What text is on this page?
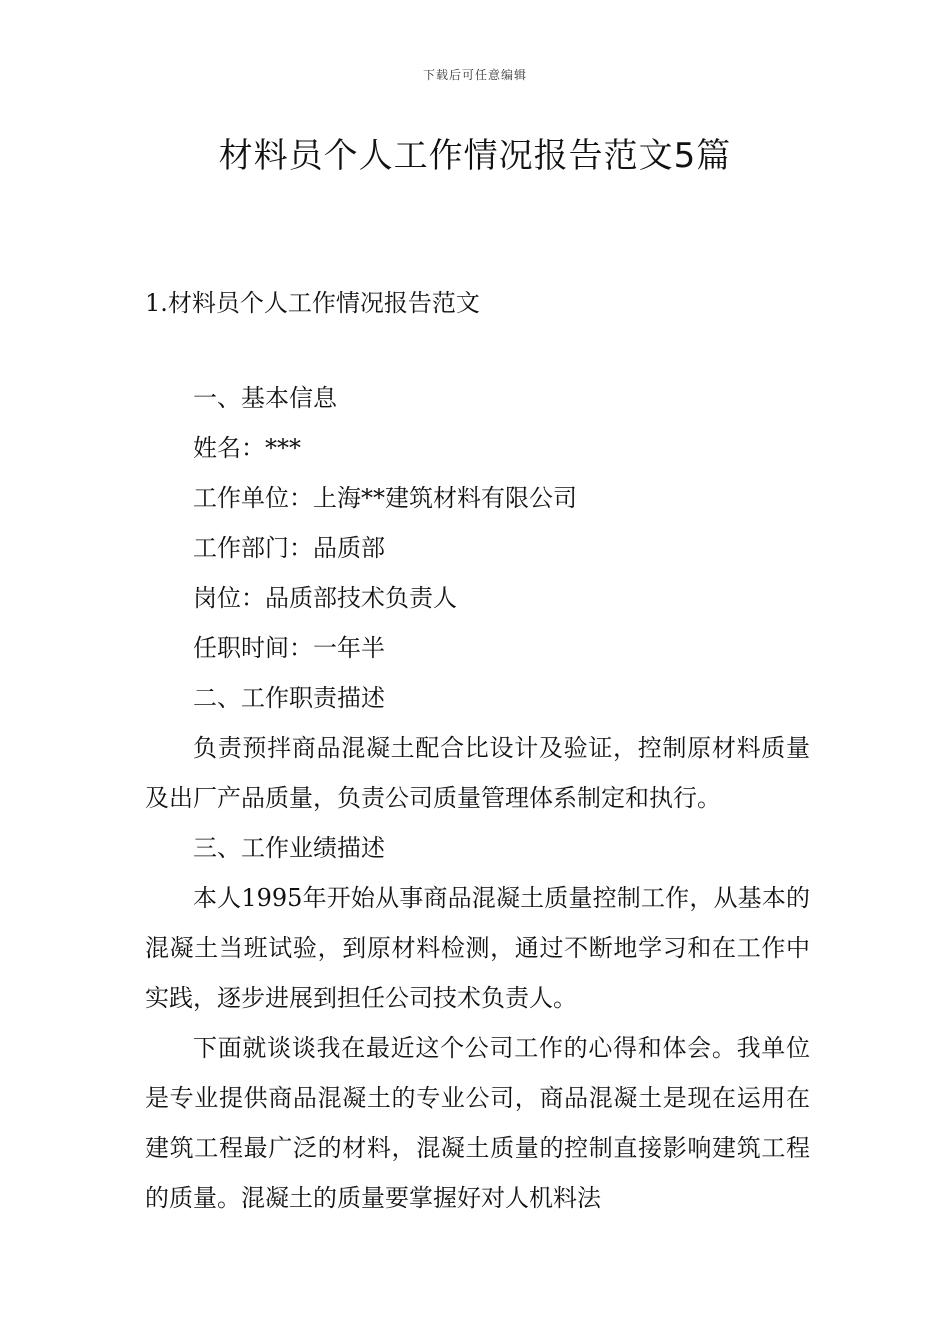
下载后可任意编辑
材料员个人工作情况报告范文5篇
1.材料员个人工作情况报告范文

一、基本信息

姓名：***

工作单位：上海**建筑材料有限公司

工作部门：品质部

岗位：品质部技术负责人

任职时间：一年半

二、工作职责描述

负责预拌商品混凝土配合比设计及验证，控制原材料质量及出厂产品质量，负责公司质量管理体系制定和执行。

三、工作业绩描述

本人1995年开始从事商品混凝土质量控制工作，从基本的混凝土当班试验，到原材料检测，通过不断地学习和在工作中实践，逐步进展到担任公司技术负责人。

下面就谈谈我在最近这个公司工作的心得和体会。我单位是专业提供商品混凝土的专业公司，商品混凝土是现在运用在建筑工程最广泛的材料，混凝土质量的控制直接影响建筑工程的质量。混凝土的质量要掌握好对人机料法
